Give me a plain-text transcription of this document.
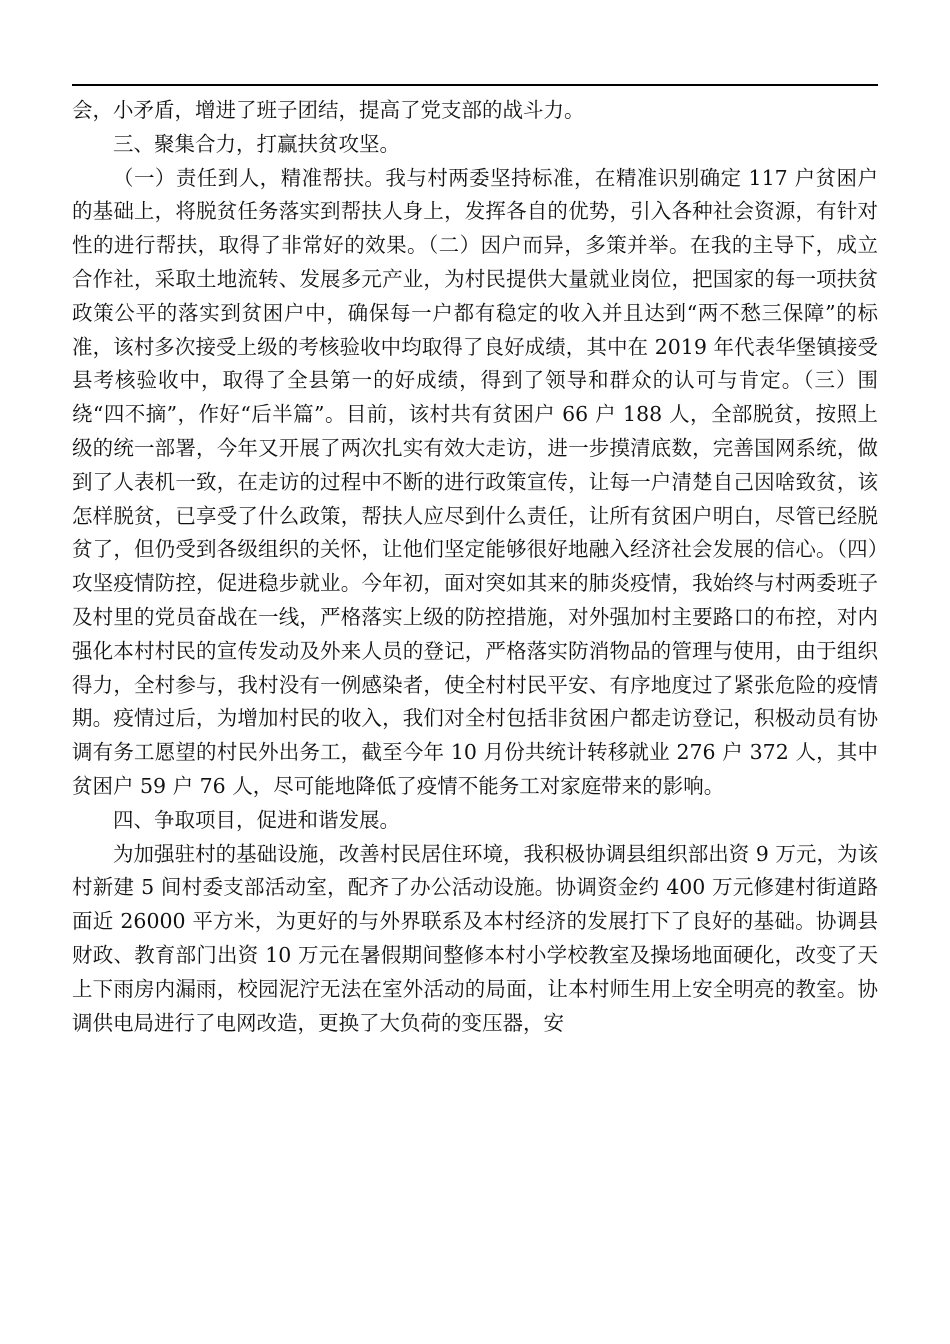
会，小矛盾，增进了班子团结，提高了党支部的战斗力。

三、聚集合力，打赢扶贫攻坚。

（一）责任到人，精准帮扶。我与村两委坚持标准，在精准识别确定 117 户贫困户的基础上，将脱贫任务落实到帮扶人身上，发挥各自的优势，引入各种社会资源，有针对性的进行帮扶，取得了非常好的效果。（二）因户而异，多策并举。在我的主导下，成立合作社，采取土地流转、发展多元产业，为村民提供大量就业岗位，把国家的每一项扶贫政策公平的落实到贫困户中，确保每一户都有稳定的收入并且达到“两不愁三保障”的标准，该村多次接受上级的考核验收中均取得了良好成绩，其中在 2019 年代表华堡镇接受县考核验收中，取得了全县第一的好成绩，得到了领导和群众的认可与肯定。（三）围绕“四不摘”，作好“后半篇”。目前，该村共有贫困户 66 户 188 人，全部脱贫，按照上级的统一部署，今年又开展了两次扎实有效大走访，进一步摸清底数，完善国网系统，做到了人表机一致，在走访的过程中不断的进行政策宣传，让每一户清楚自己因啥致贫，该怎样脱贫，已享受了什么政策，帮扶人应尽到什么责任，让所有贫困户明白，尽管已经脱贫了，但仍受到各级组织的关怀，让他们坚定能够很好地融入经济社会发展的信心。（四）攻坚疫情防控，促进稳步就业。今年初，面对突如其来的肺炎疫情，我始终与村两委班子及村里的党员奋战在一线，严格落实上级的防控措施，对外强加村主要路口的布控，对内强化本村村民的宣传发动及外来人员的登记，严格落实防消物品的管理与使用，由于组织得力，全村参与，我村没有一例感染者，使全村村民平安、有序地度过了紧张危险的疫情期。疫情过后，为增加村民的收入，我们对全村包括非贫困户都走访登记，积极动员有协调有务工愿望的村民外出务工，截至今年 10 月份共统计转移就业 276 户 372 人，其中贫困户 59 户 76 人，尽可能地降低了疫情不能务工对家庭带来的影响。

四、争取项目，促进和谐发展。

为加强驻村的基础设施，改善村民居住环境，我积极协调县组织部出资 9 万元，为该村新建 5 间村委支部活动室，配齐了办公活动设施。协调资金约 400 万元修建村街道路面近 26000 平方米，为更好的与外界联系及本村经济的发展打下了良好的基础。协调县财政、教育部门出资 10 万元在暑假期间整修本村小学校教室及操场地面硬化，改变了天上下雨房内漏雨，校园泥泞无法在室外活动的局面，让本村师生用上安全明亮的教室。协调供电局进行了电网改造，更换了大负荷的变压器，安
